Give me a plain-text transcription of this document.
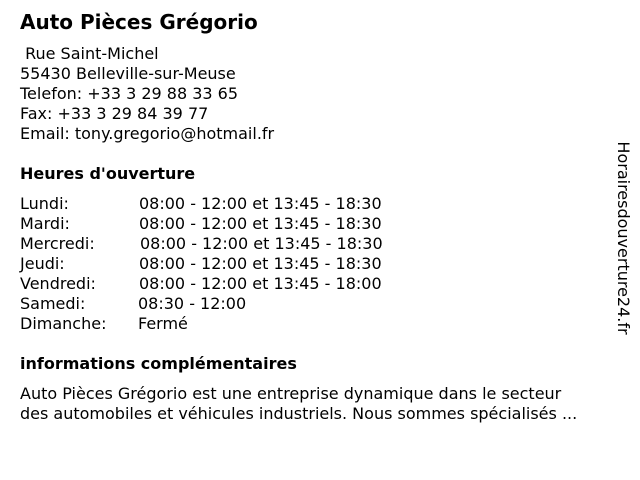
Auto Pièces Grégorio
Rue Saint-Michel
55430 Belleville-sur-Meuse
Telefon: +33 3 29 88 33 65
Fax: +33 3 29 84 39 77
Email: tony.gregorio@hotmail.fr
Heures d'ouverture
Lundi:	08:00 - 12:00 et 13:45 - 18:30
Mardi:	08:00 - 12:00 et 13:45 - 18:30
Mercredi:	08:00 - 12:00 et 13:45 - 18:30
Jeudi:	08:00 - 12:00 et 13:45 - 18:30
Vendredi:	08:00 - 12:00 et 13:45 - 18:00
Samedi:	08:30 - 12:00
Dimanche: Fermé
informations complémentaires
Auto Pièces Grégorio est une entreprise dynamique dans le secteur
des automobiles et véhicules industriels. Nous sommes spécialisés ...
Horairesdouverture24.fr
